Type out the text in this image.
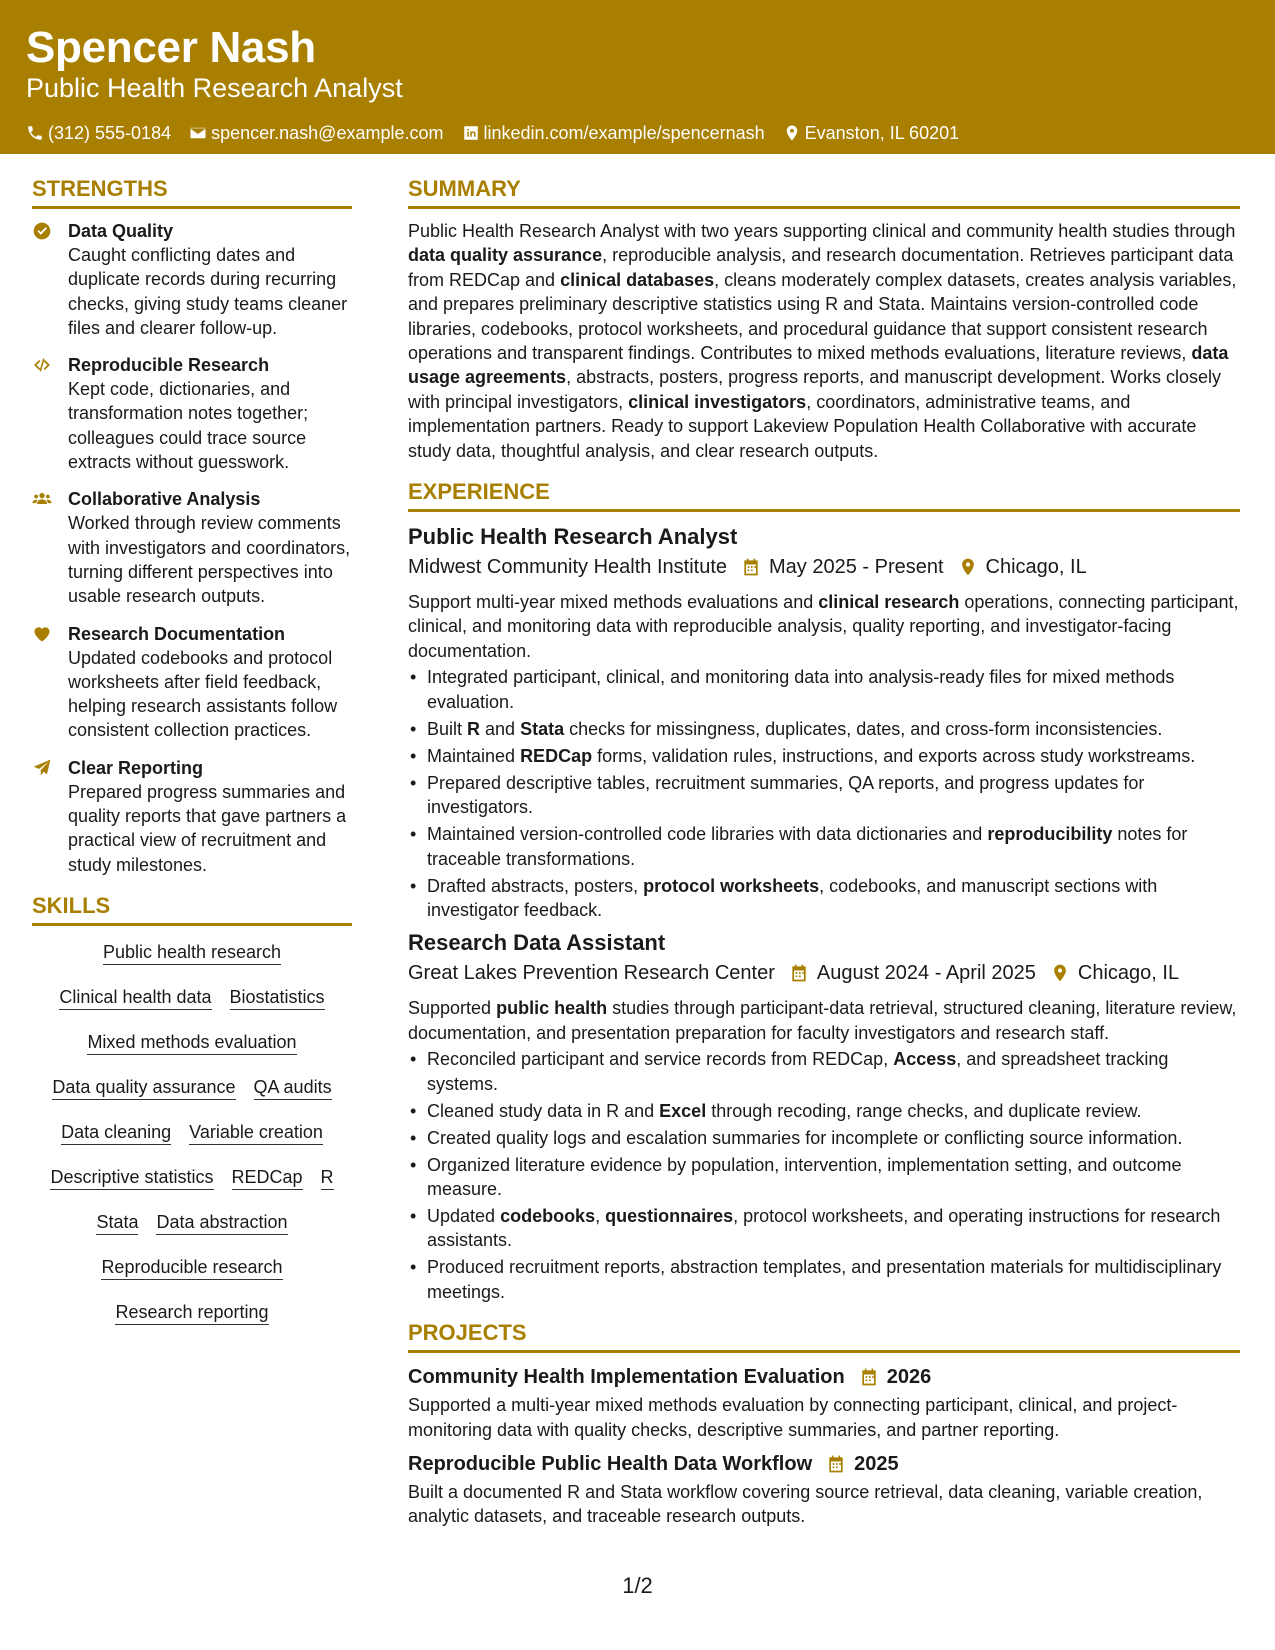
Spencer Nash
Public Health Research Analyst
(312) 555-0184 spencer.nash@example.com linkedin.com/example/spencernash Evanston, IL 60201
STRENGTHS
Data Quality
Caught conflicting dates and duplicate records during recurring checks, giving study teams cleaner files and clearer follow-up.
Reproducible Research
Kept code, dictionaries, and transformation notes together; colleagues could trace source extracts without guesswork.
Collaborative Analysis
Worked through review comments with investigators and coordinators, turning different perspectives into usable research outputs.
Research Documentation
Updated codebooks and protocol worksheets after field feedback, helping research assistants follow consistent collection practices.
Clear Reporting
Prepared progress summaries and quality reports that gave partners a practical view of recruitment and study milestones.
SKILLS
Public health research
Clinical health data Biostatistics
Mixed methods evaluation
Data quality assurance QA audits
Data cleaning Variable creation
Descriptive statistics REDCap R
Stata Data abstraction
Reproducible research
Research reporting
SUMMARY
Public Health Research Analyst with two years supporting clinical and community health studies through data quality assurance, reproducible analysis, and research documentation. Retrieves participant data from REDCap and clinical databases, cleans moderately complex datasets, creates analysis variables, and prepares preliminary descriptive statistics using R and Stata. Maintains version-controlled code libraries, codebooks, protocol worksheets, and procedural guidance that support consistent research operations and transparent findings. Contributes to mixed methods evaluations, literature reviews, data usage agreements, abstracts, posters, progress reports, and manuscript development. Works closely with principal investigators, clinical investigators, coordinators, administrative teams, and implementation partners. Ready to support Lakeview Population Health Collaborative with accurate study data, thoughtful analysis, and clear research outputs.
EXPERIENCE
Public Health Research Analyst
Midwest Community Health Institute May 2025 - Present Chicago, IL
Support multi-year mixed methods evaluations and clinical research operations, connecting participant, clinical, and monitoring data with reproducible analysis, quality reporting, and investigator-facing documentation.
• Integrated participant, clinical, and monitoring data into analysis-ready files for mixed methods evaluation.
• Built R and Stata checks for missingness, duplicates, dates, and cross-form inconsistencies.
• Maintained REDCap forms, validation rules, instructions, and exports across study workstreams.
• Prepared descriptive tables, recruitment summaries, QA reports, and progress updates for investigators.
• Maintained version-controlled code libraries with data dictionaries and reproducibility notes for traceable transformations.
• Drafted abstracts, posters, protocol worksheets, codebooks, and manuscript sections with investigator feedback.
Research Data Assistant
Great Lakes Prevention Research Center August 2024 - April 2025 Chicago, IL
Supported public health studies through participant-data retrieval, structured cleaning, literature review, documentation, and presentation preparation for faculty investigators and research staff.
• Reconciled participant and service records from REDCap, Access, and spreadsheet tracking systems.
• Cleaned study data in R and Excel through recoding, range checks, and duplicate review.
• Created quality logs and escalation summaries for incomplete or conflicting source information.
• Organized literature evidence by population, intervention, implementation setting, and outcome measure.
• Updated codebooks, questionnaires, protocol worksheets, and operating instructions for research assistants.
• Produced recruitment reports, abstraction templates, and presentation materials for multidisciplinary meetings.
PROJECTS
Community Health Implementation Evaluation 2026
Supported a multi-year mixed methods evaluation by connecting participant, clinical, and project-monitoring data with quality checks, descriptive summaries, and partner reporting.
Reproducible Public Health Data Workflow 2025
Built a documented R and Stata workflow covering source retrieval, data cleaning, variable creation, analytic datasets, and traceable research outputs.
1/2
